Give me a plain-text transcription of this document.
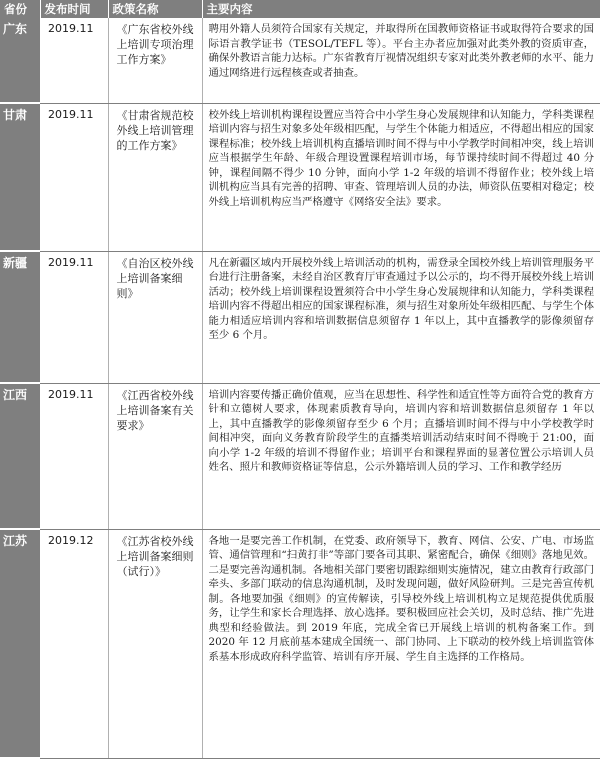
省份	发布时间	政策名称	主要内容
广东	2019.11	《广东省校外线上培训专项治理工作方案》	聘用外籍人员须符合国家有关规定，并取得所在国教师资格证书或取得符合要求的国际语言教学证书（TESOL/TEFL 等）。平台主办者应加强对此类外教的资质审查，确保外教语言能力达标。广东省教育厅视情况组织专家对此类外教老师的水平、能力通过网络进行远程核查或者抽查。
甘肃	2019.11	《甘肃省规范校外线上培训管理的工作方案》	校外线上培训机构课程设置应当符合中小学生身心发展规律和认知能力，学科类课程培训内容与招生对象多处年级相匹配，与学生个体能力相适应，不得超出相应的国家课程标准；校外线上培训机构直播培训时间不得与中小学教学时间相冲突，线上培训应当根据学生年龄、年级合理设置课程培训市场，每节课持续时间不得超过 40 分钟，课程间隔不得少 10 分钟，面向小学 1-2 年级的培训不得留作业；校外线上培训机构应当具有完善的招聘、审查、管理培训人员的办法，师资队伍要相对稳定；校外线上培训机构应当严格遵守《网络安全法》要求。
新疆	2019.11	《自治区校外线上培训备案细则》	凡在新疆区域内开展校外线上培训活动的机构，需登录全国校外线上培训管理服务平台进行注册备案，未经自治区教育厅审查通过予以公示的，均不得开展校外线上培训活动；校外线上培训课程设置须符合中小学生身心发展规律和认知能力，学科类课程培训内容不得超出相应的国家课程标准，须与招生对象所处年级相匹配、与学生个体能力相适应培训内容和培训数据信息须留存 1 年以上，其中直播教学的影像须留存至少 6 个月。
江西	2019.11	《江西省校外线上培训备案有关要求》	培训内容要传播正确价值观，应当在思想性、科学性和适宜性等方面符合党的教育方针和立德树人要求，体现素质教育导向，培训内容和培训数据信息须留存 1 年以上，其中直播教学的影像须留存至少 6 个月；直播培训时间不得与中小学校教学时间相冲突，面向义务教育阶段学生的直播类培训活动结束时间不得晚于 21:00，面向小学 1-2 年级的培训不得留作业；培训平台和课程界面的显著位置公示培训人员姓名、照片和教师资格证等信息，公示外籍培训人员的学习、工作和教学经历
江苏	2019.12	《江苏省校外线上培训备案细则（试行）》	各地一是要完善工作机制，在党委、政府领导下，教育、网信、公安、广电、市场监管、通信管理和“扫黄打非”等部门要各司其职、紧密配合，确保《细则》落地见效。二是要完善沟通机制。各地相关部门要密切跟踪细则实施情况，建立由教育行政部门牵头、多部门联动的信息沟通机制，及时发现问题，做好风险研判。三是完善宣传机制。各地要加强《细则》的宣传解读，引导校外线上培训机构立足规范提供优质服务，让学生和家长合理选择、放心选择。要积极回应社会关切，及时总结、推广先进典型和经验做法。到 2019 年底，完成全省已开展线上培训的机构备案工作。到 2020 年 12 月底前基本建成全国统一、部门协同、上下联动的校外线上培训监管体系基本形成政府科学监管、培训有序开展、学生自主选择的工作格局。
